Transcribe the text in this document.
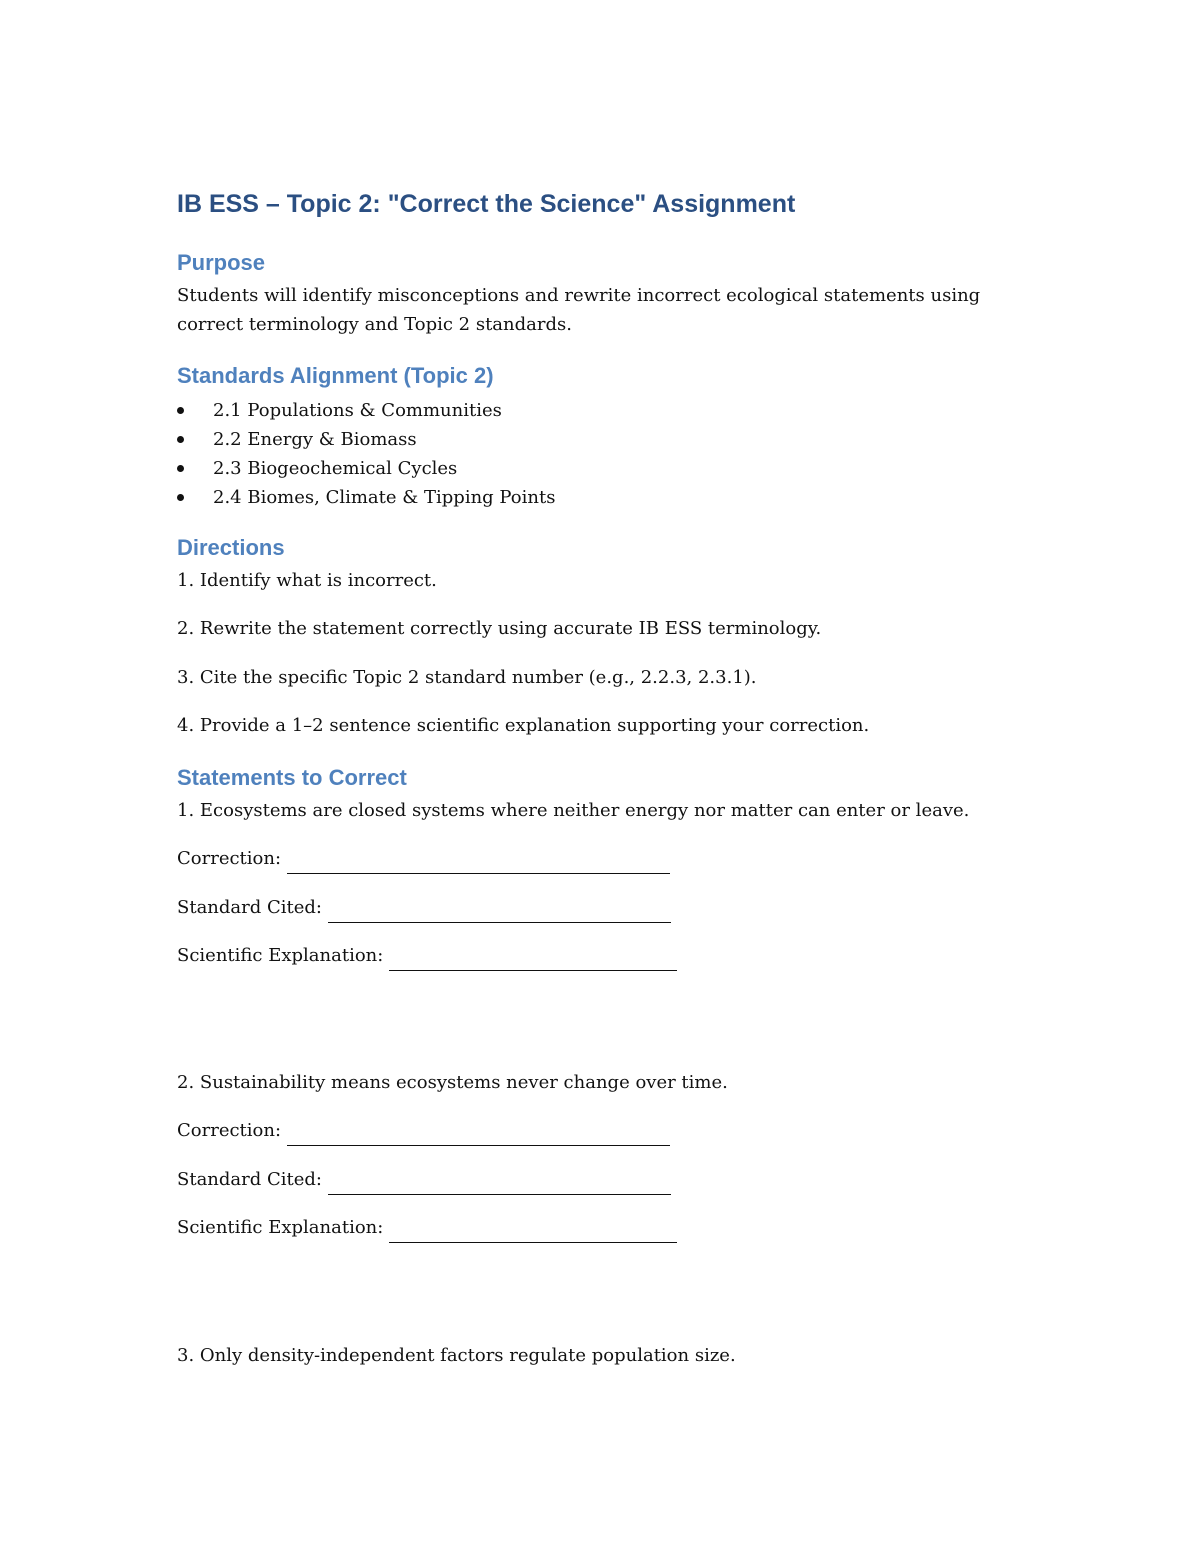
IB ESS – Topic 2: "Correct the Science" Assignment
Purpose

Students will identify misconceptions and rewrite incorrect ecological statements using

correct terminology and Topic 2 standards.

Standards Alignment (Topic 2)
2.1 Populations & Communities
2.2 Energy & Biomass
2.3 Biogeochemical Cycles
2.4 Biomes, Climate & Tipping Points
Directions

1. Identify what is incorrect.

2. Rewrite the statement correctly using accurate IB ESS terminology.

3. Cite the specific Topic 2 standard number (e.g., 2.2.3, 2.3.1).

4. Provide a 1–2 sentence scientific explanation supporting your correction.

Statements to Correct

1. Ecosystems are closed systems where neither energy nor matter can enter or leave.

Correction:
Standard Cited:
Scientific Explanation:

2. Sustainability means ecosystems never change over time.

Correction:
Standard Cited:
Scientific Explanation:

3. Only density-independent factors regulate population size.
